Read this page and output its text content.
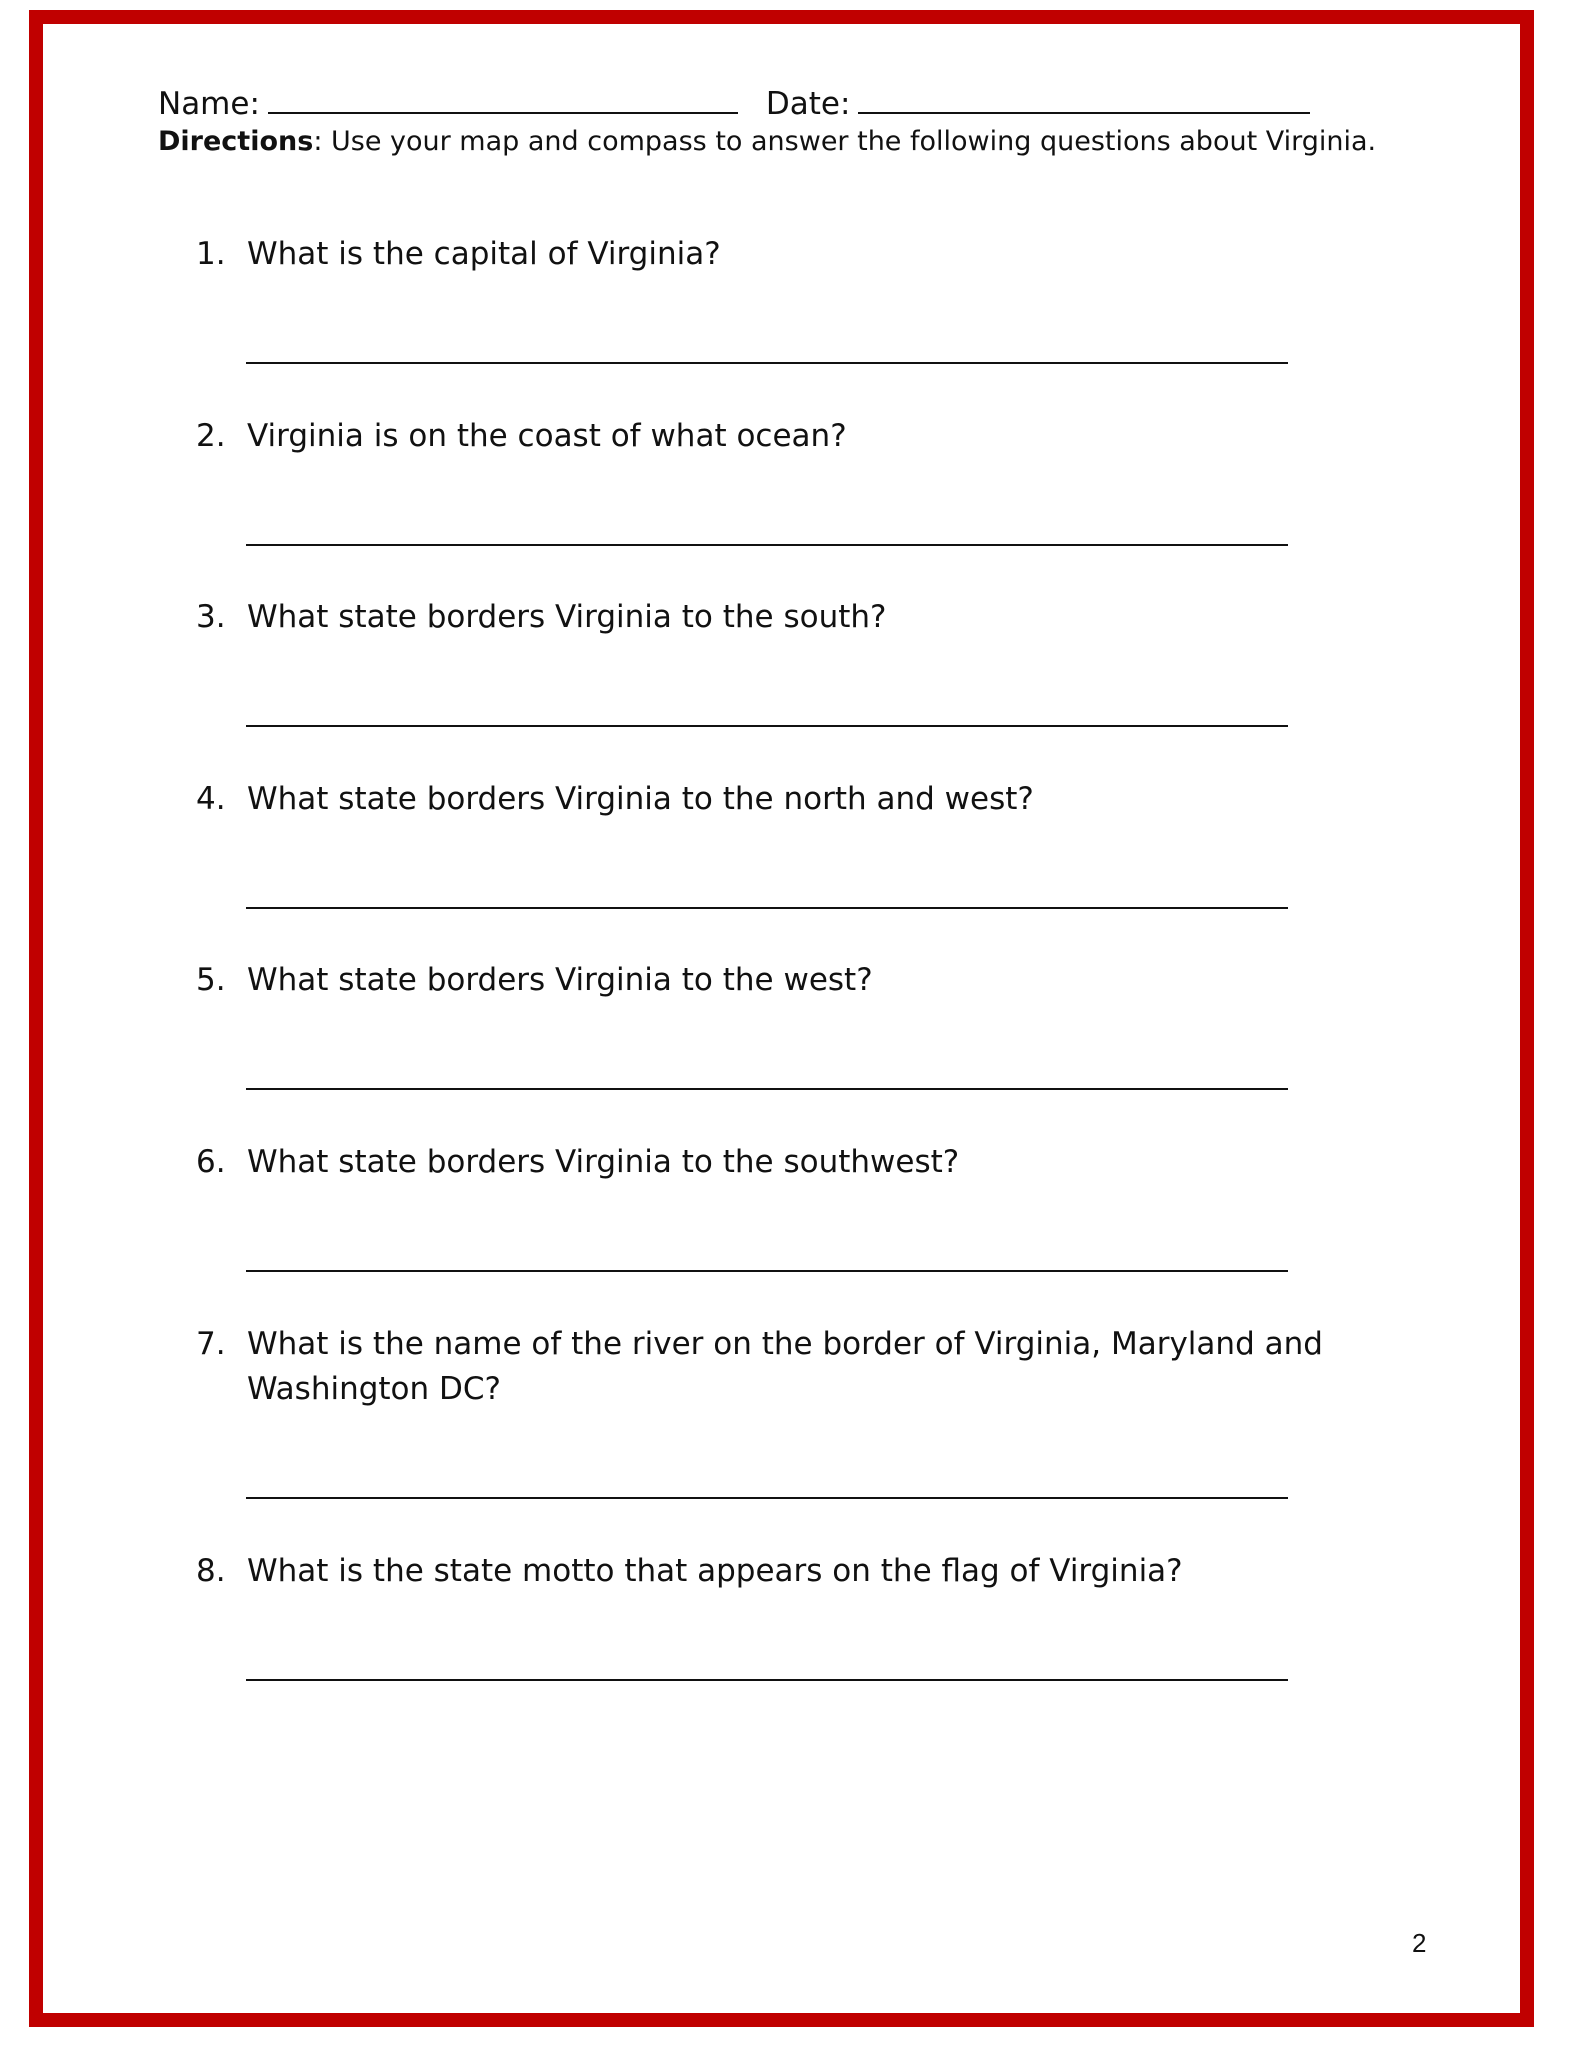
Name:	Date:
Directions: Use your map and compass to answer the following questions about Virginia.
1. What is the capital of Virginia?
2. Virginia is on the coast of what ocean?
3. What state borders Virginia to the south?
4. What state borders Virginia to the north and west?
5. What state borders Virginia to the west?
6. What state borders Virginia to the southwest?
7. What is the name of the river on the border of Virginia, Maryland and Washington DC?
8. What is the state motto that appears on the flag of Virginia?
2
